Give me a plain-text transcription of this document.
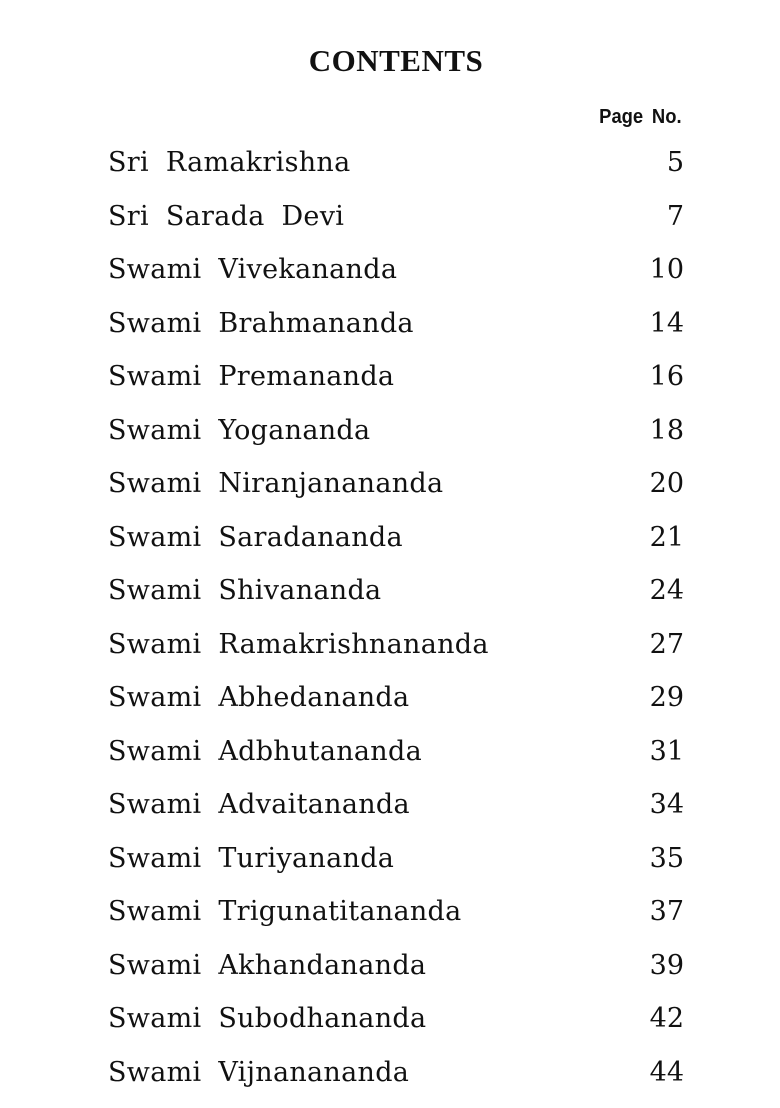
CONTENTS
Page No.
Sri Ramakrishna	5
Sri Sarada Devi	7
Swami Vivekananda	10
Swami Brahmananda	14
Swami Premananda	16
Swami Yogananda	18
Swami Niranjanananda	20
Swami Saradananda	21
Swami Shivananda	24
Swami Ramakrishnananda	27
Swami Abhedananda	29
Swami Adbhutananda	31
Swami Advaitananda	34
Swami Turiyananda	35
Swami Trigunatitananda	37
Swami Akhandananda	39
Swami Subodhananda	42
Swami Vijnanananda	44
